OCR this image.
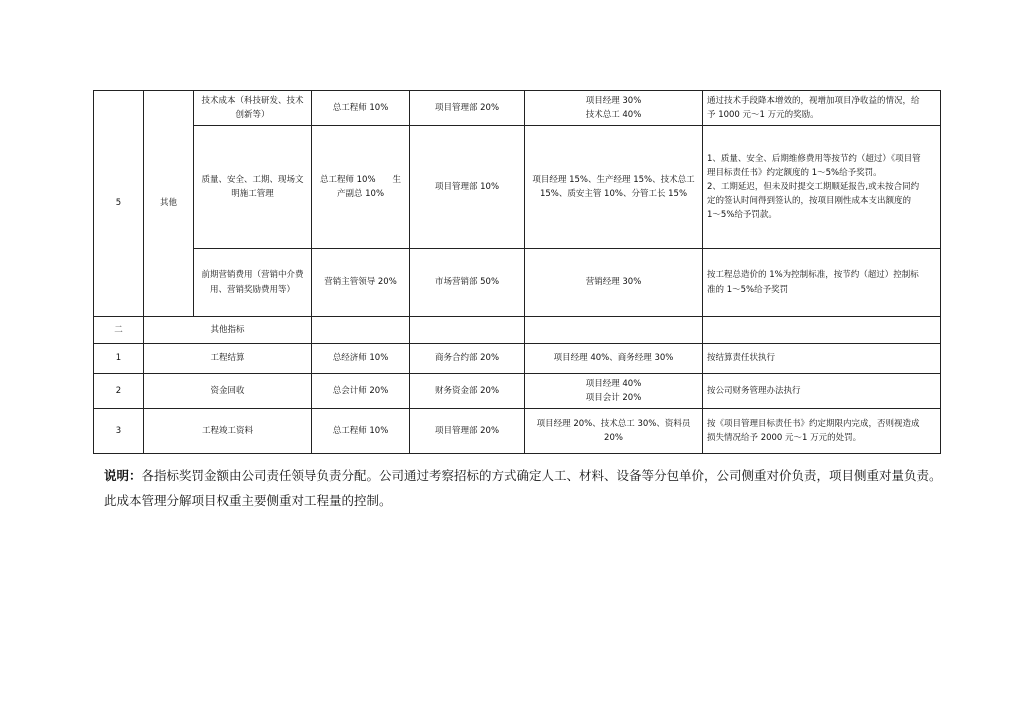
5	其他	技术成本（科技研发、技术
创新等）	总工程师 10%	项目管理部 20%	项目经理 30%
技术总工 40%	通过技术手段降本增效的，视增加项目净收益的情况，给
予 1000 元～1 万元的奖励。

		质量、安全、工期、现场文
明施工管理	总工程师 10%　　生
产副总 10%	项目管理部 10%	项目经理 15%、生产经理 15%、技术总工
15%、质安主管 10%、分管工长 15%	1、质量、安全、后期维修费用等按节约（超过）《项目管
理目标责任书》约定额度的 1～5%给予奖罚。
2、工期延迟，但未及时提交工期顺延报告,或未按合同约
定的签认时间得到签认的，按项目刚性成本支出额度的
1～5%给予罚款。

		前期营销费用（营销中介费
用、营销奖励费用等）	营销主管领导 20%	市场营销部 50%	营销经理 30%	按工程总造价的 1%为控制标准，按节约（超过）控制标
准的 1～5%给予奖罚

二	其他指标					
1	工程结算		总经济师 10%	商务合约部 20%	项目经理 40%、商务经理 30%	按结算责任状执行

2	资金回收		总会计师 20%	财务资金部 20%	项目经理 40%
项目会计 20%	按公司财务管理办法执行

3	工程竣工资料		总工程师 10%	项目管理部 20%	项目经理 20%、技术总工 30%、资料员
20%	按《项目管理目标责任书》约定期限内完成，否则视造成
损失情况给予 2000 元～1 万元的处罚。
说明：各指标奖罚金额由公司责任领导负责分配。公司通过考察招标的方式确定人工、材料、设备等分包单价，公司侧重对价负责，项目侧重对量负责。此成本管理分解项目权重主要侧重对工程量的控制。
